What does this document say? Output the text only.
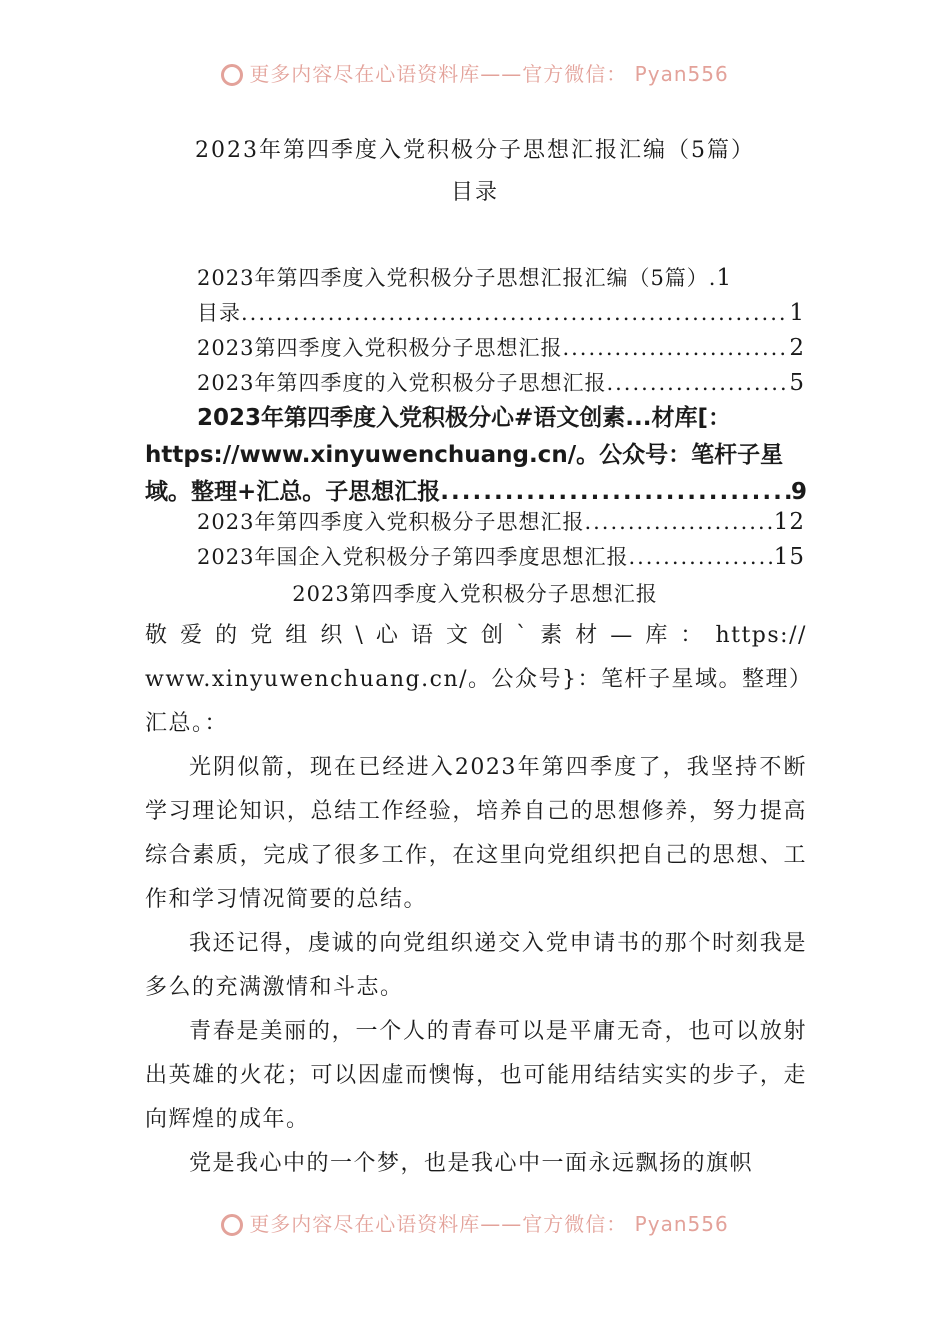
更多内容尽在心语资料库——官方微信： Pyan556
2023年第四季度入党积极分子思想汇报汇编（5篇）
目录
2023年第四季度入党积极分子思想汇报汇编（5篇）. 1
目录 .....	1
2023第四季度入党积极分子思想汇报 .....	2
2023年第四季度的入党积极分子思想汇报 .....	5
2023年第四季度入党积极分心#语文创素...材库[：
https://www.xinyuwenchuang.cn/。公众号：笔杆子星
域。整理+汇总。子思想汇报 .....	9
2023年第四季度入党积极分子思想汇报 .....	12
2023年国企入党积极分子第四季度思想汇报 .....	15
2023第四季度入党积极分子思想汇报
敬 爱 的 党 组 织 \ 心 语 文 创 ` 素 材 — 库 ： https://
www.xinyuwenchuang.cn/。公众号}：笔杆子星域。整理）
汇总。：

光阴似箭，现在已经进入2023年第四季度了，我坚持不断学习理论知识，总结工作经验，培养自己的思想修养，努力提高综合素质，完成了很多工作，在这里向党组织把自己的思想、工作和学习情况简要的总结。

我还记得，虔诚的向党组织递交入党申请书的那个时刻我是多么的充满激情和斗志。

青春是美丽的，一个人的青春可以是平庸无奇，也可以放射出英雄的火花；可以因虚而懊悔，也可能用结结实实的步子，走向辉煌的成年。

党是我心中的一个梦，也是我心中一面永远飘扬的旗帜

更多内容尽在心语资料库——官方微信： Pyan556
